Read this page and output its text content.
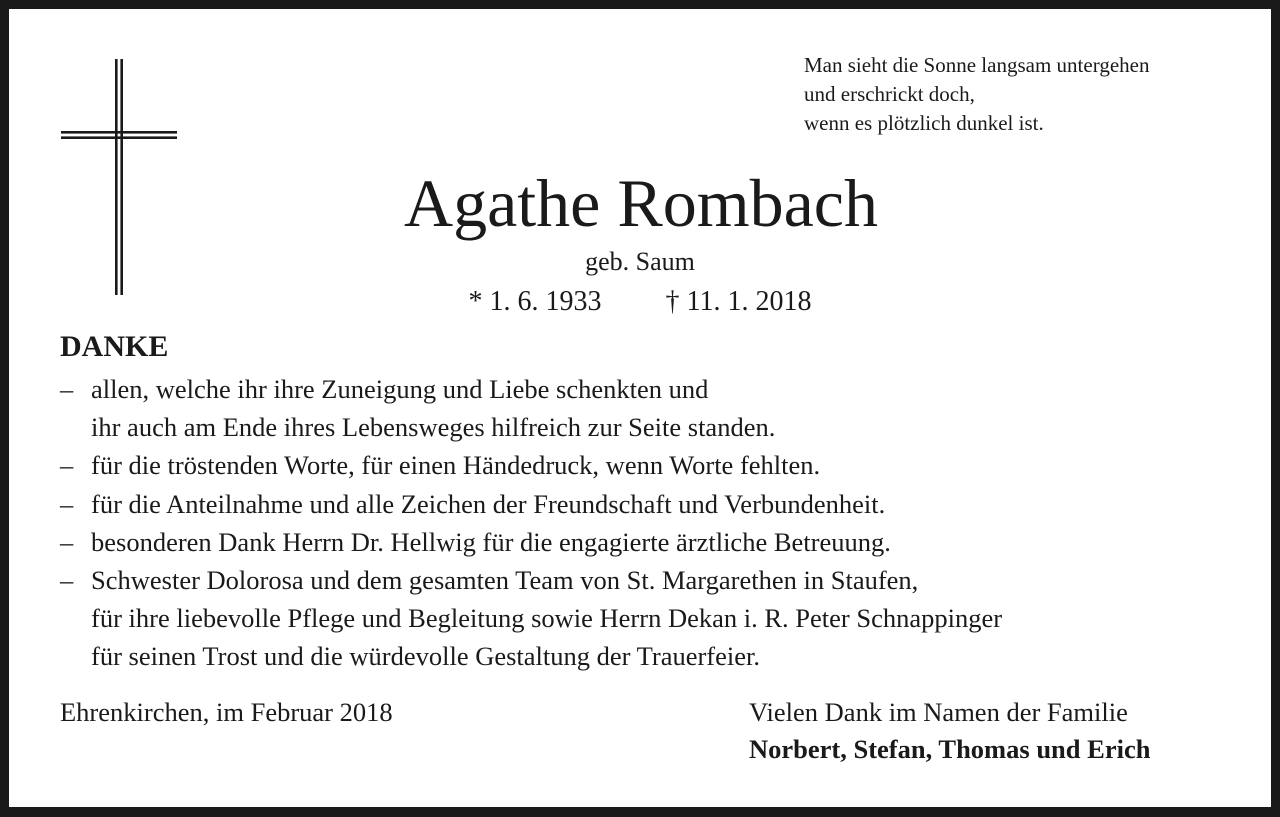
Man sieht die Sonne langsam untergehen
und erschrickt doch,
wenn es plötzlich dunkel ist.
Agathe Rombach
geb. Saum
* 1. 6. 1933 † 11. 1. 2018
DANKE
– allen, welche ihr ihre Zuneigung und Liebe schenkten und
ihr auch am Ende ihres Lebensweges hilfreich zur Seite standen.
– für die tröstenden Worte, für einen Händedruck, wenn Worte fehlten.
– für die Anteilnahme und alle Zeichen der Freundschaft und Verbundenheit.
– besonderen Dank Herrn Dr. Hellwig für die engagierte ärztliche Betreuung.
– Schwester Dolorosa und dem gesamten Team von St. Margarethen in Staufen,
für ihre liebevolle Pflege und Begleitung sowie Herrn Dekan i. R. Peter Schnappinger
für seinen Trost und die würdevolle Gestaltung der Trauerfeier.
Ehrenkirchen, im Februar 2018	Vielen Dank im Namen der Familie
Norbert, Stefan, Thomas und Erich
